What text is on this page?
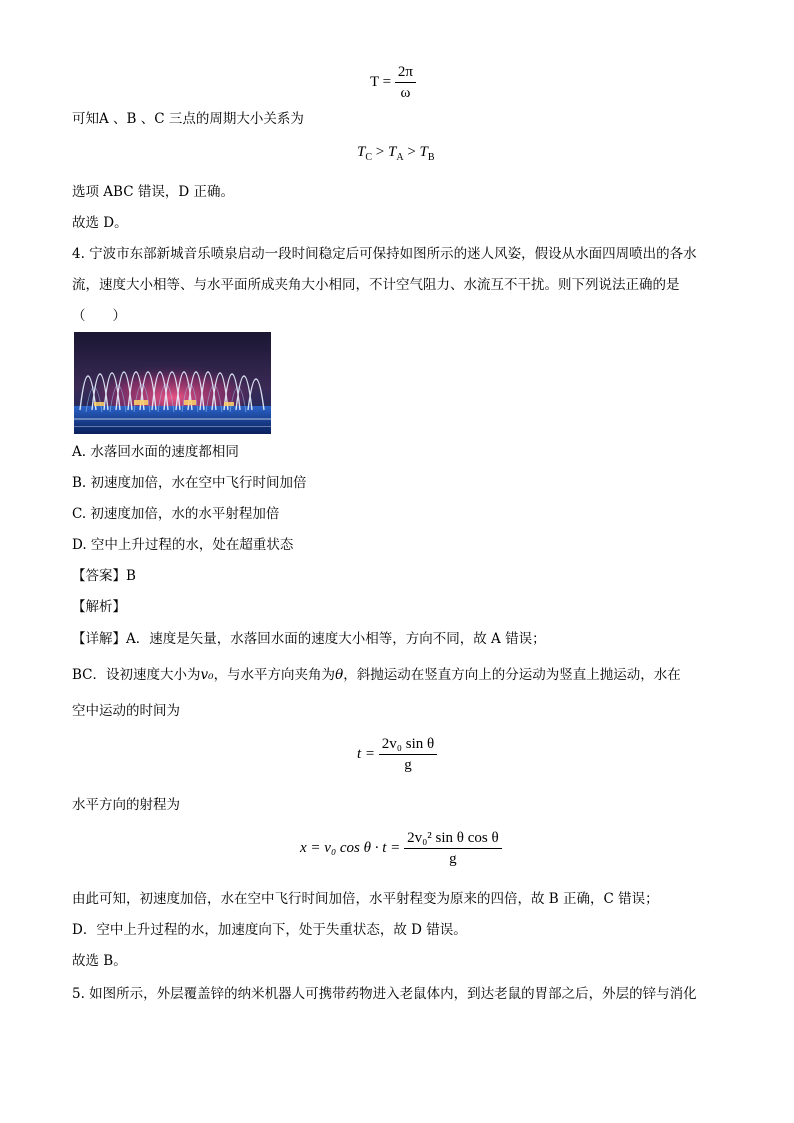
$T = \frac{2\pi}{\omega}$
可知A 、B 、C 三点的周期大小关系为
$T_C > T_A > T_B$
选项 ABC 错误，D 正确。
故选 D。
4. 宁波市东部新城音乐喷泉启动一段时间稳定后可保持如图所示的迷人风姿，假设从水面四周喷出的各水
流，速度大小相等、与水平面所成夹角大小相同，不计空气阻力、水流互不干扰。则下列说法正确的是
（　　）
A. 水落回水面的速度都相同
B. 初速度加倍，水在空中飞行时间加倍
C. 初速度加倍，水的水平射程加倍
D. 空中上升过程的水，处在超重状态
【答案】B
【解析】
【详解】A．速度是矢量，水落回水面的速度大小相等，方向不同，故 A 错误；
BC．设初速度大小为v₀，与水平方向夹角为θ，斜抛运动在竖直方向上的分运动为竖直上抛运动，水在
空中运动的时间为
$t = \frac{\text{2v₀ sin θ}}{g}$
水平方向的射程为
x = v₀ $\cos \theta \cdot t = \frac{\text{2v₀² sin θ cos θ}}{g}$
由此可知，初速度加倍，水在空中飞行时间加倍，水平射程变为原来的四倍，故 B 正确，C 错误；
D．空中上升过程的水，加速度向下，处于失重状态，故 D 错误。
故选 B。
5. 如图所示，外层覆盖锌的纳米机器人可携带药物进入老鼠体内，到达老鼠的胃部之后，外层的锌与消化
